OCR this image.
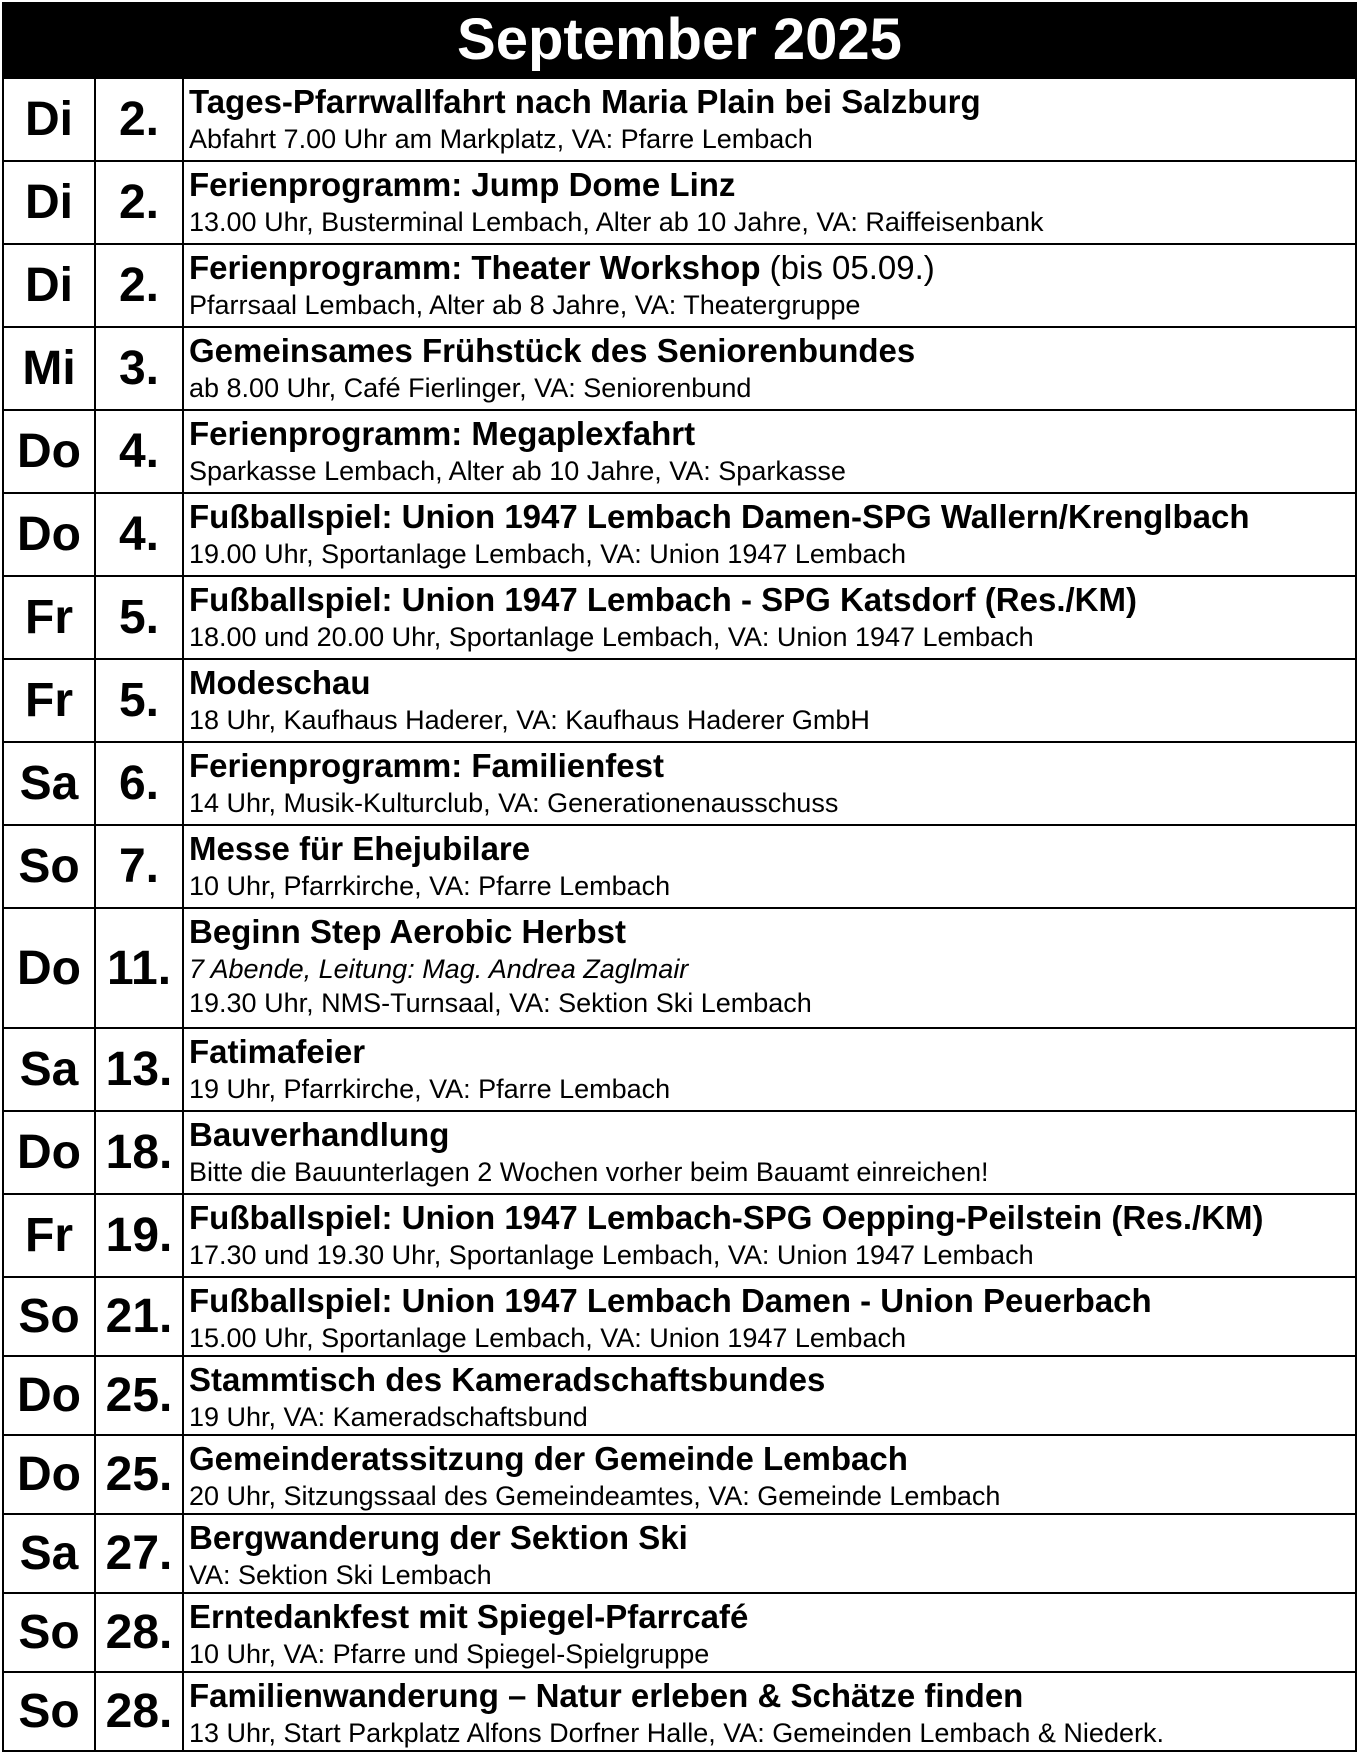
September 2025
Di	2.	Tages-Pfarrwallfahrt nach Maria Plain bei Salzburg
Abfahrt 7.00 Uhr am Markplatz, VA: Pfarre Lembach

Di	2.	Ferienprogramm: Jump Dome Linz
13.00 Uhr, Busterminal Lembach, Alter ab 10 Jahre, VA: Raiffeisenbank

Di	2.	Ferienprogramm: Theater Workshop (bis 05.09.)
Pfarrsaal Lembach, Alter ab 8 Jahre, VA: Theatergruppe

Mi	3.	Gemeinsames Frühstück des Seniorenbundes
ab 8.00 Uhr, Café Fierlinger, VA: Seniorenbund

Do	4.	Ferienprogramm: Megaplexfahrt
Sparkasse Lembach, Alter ab 10 Jahre, VA: Sparkasse

Do	4.	Fußballspiel: Union 1947 Lembach Damen-SPG Wallern/Krenglbach
19.00 Uhr, Sportanlage Lembach, VA: Union 1947 Lembach

Fr	5.	Fußballspiel: Union 1947 Lembach - SPG Katsdorf (Res./KM)
18.00 und 20.00 Uhr, Sportanlage Lembach, VA: Union 1947 Lembach

Fr	5.	Modeschau
18 Uhr, Kaufhaus Haderer, VA: Kaufhaus Haderer GmbH

Sa	6.	Ferienprogramm: Familienfest
14 Uhr, Musik-Kulturclub, VA: Generationenausschuss

So	7.	Messe für Ehejubilare
10 Uhr, Pfarrkirche, VA: Pfarre Lembach

Do	11.	Beginn Step Aerobic Herbst
7 Abende, Leitung: Mag. Andrea Zaglmair
19.30 Uhr, NMS-Turnsaal, VA: Sektion Ski Lembach

Sa	13.	Fatimafeier
19 Uhr, Pfarrkirche, VA: Pfarre Lembach

Do	18.	Bauverhandlung
Bitte die Bauunterlagen 2 Wochen vorher beim Bauamt einreichen!

Fr	19.	Fußballspiel: Union 1947 Lembach-SPG Oepping-Peilstein (Res./KM)
17.30 und 19.30 Uhr, Sportanlage Lembach, VA: Union 1947 Lembach

So	21.	Fußballspiel: Union 1947 Lembach Damen - Union Peuerbach
15.00 Uhr, Sportanlage Lembach, VA: Union 1947 Lembach

Do	25.	Stammtisch des Kameradschaftsbundes
19 Uhr, VA: Kameradschaftsbund

Do	25.	Gemeinderatssitzung der Gemeinde Lembach
20 Uhr, Sitzungssaal des Gemeindeamtes, VA: Gemeinde Lembach

Sa	27.	Bergwanderung der Sektion Ski
VA: Sektion Ski Lembach

So	28.	Erntedankfest mit Spiegel-Pfarrcafé
10 Uhr, VA: Pfarre und Spiegel-Spielgruppe

So	28.	Familienwanderung – Natur erleben & Schätze finden
13 Uhr, Start Parkplatz Alfons Dorfner Halle, VA: Gemeinden Lembach & Niederk.
